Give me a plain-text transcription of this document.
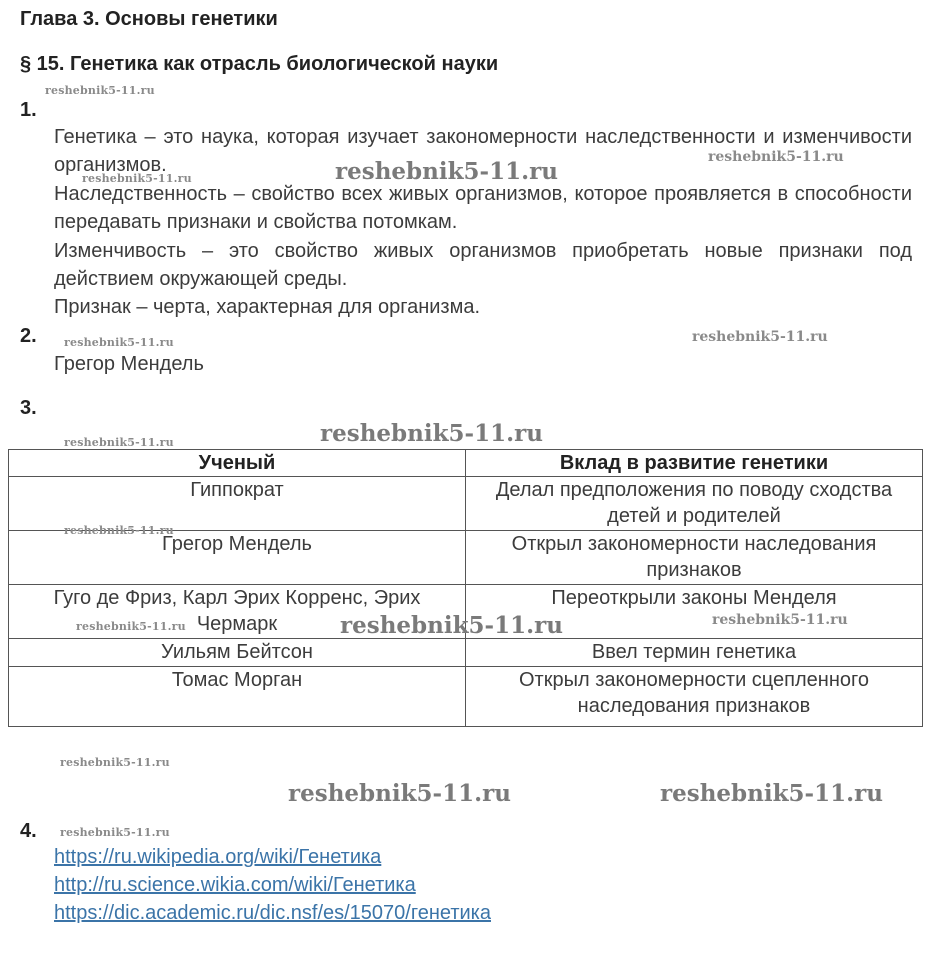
Глава 3. Основы генетики
§ 15. Генетика как отрасль биологической науки
1.

Генетика – это наука, которая изучает закономерности наследственности и изменчивости организмов.

Наследственность – свойство всех живых организмов, которое проявляется в способности передавать признаки и свойства потомкам.

Изменчивость – это свойство живых организмов приобретать новые признаки под действием окружающей среды.

Признак – черта, характерная для организма.

2.

Грегор Мендель

3.
Ученый	Вклад в развитие генетики
Гиппократ	Делал предположения по поводу сходства детей и родителей
Грегор Мендель	Открыл закономерности наследования признаков
Гуго де Фриз, Карл Эрих Корренс, Эрих Чермарк	Переоткрыли законы Менделя
Уильям Бейтсон	Ввел термин генетика
Томас Морган	Открыл закономерности сцепленного наследования признаков
4.
https://ru.wikipedia.org/wiki/Генетика
http://ru.science.wikia.com/wiki/Генетика
https://dic.academic.ru/dic.nsf/es/15070/генетика
reshebnik5-11.ru
reshebnik5-11.ru
reshebnik5-11.ru
reshebnik5-11.ru
reshebnik5-11.ru	reshebnik5-11.ru
reshebnik5-11.ru
reshebnik5-11.ru
reshebnik5-11.ru
reshebnik5-11.ru	reshebnik5-11.ru	reshebnik5-11.ru
reshebnik5-11.ru
reshebnik5-11.ru	reshebnik5-11.ru
reshebnik5-11.ru
